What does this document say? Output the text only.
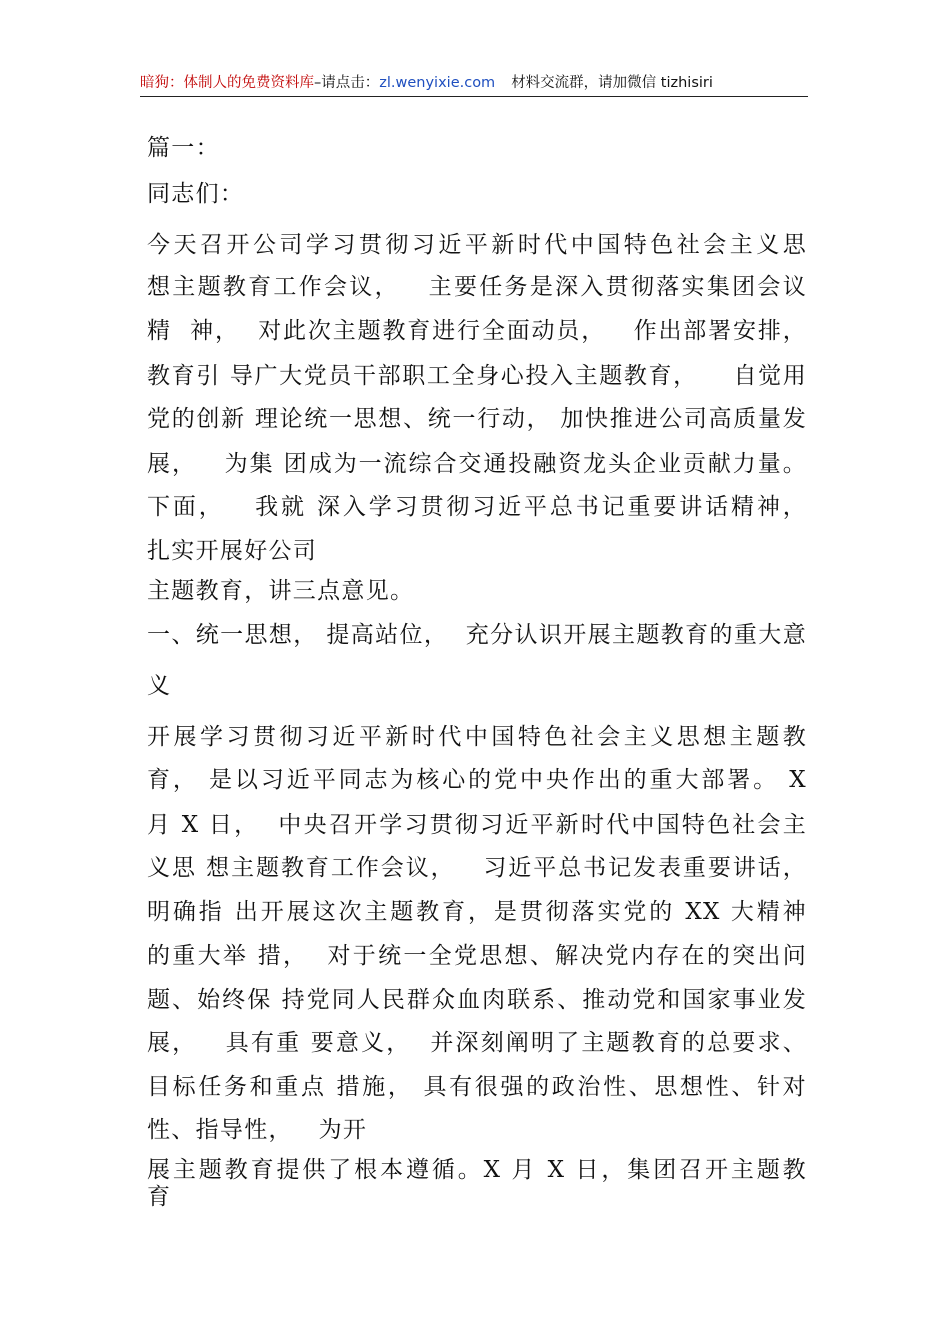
暗狗：体制人的免费资料库–请点击：zl.wenyixie.com 材料交流群，请加微信 tizhisiri

篇一：

同志们：

今天召开公司学习贯彻习近平新时代中国特色社会主义思

想主题教育工作会议，   主要任务是深入贯彻落实集团会议

精  神，  对此次主题教育进行全面动员，   作出部署安排，

教育引 导广大党员干部职工全身心投入主题教育，    自觉用

党的创新 理论统一思想、统一行动， 加快推进公司高质量发

展，   为集 团成为一流综合交通投融资龙头企业贡献力量。

下面，   我就 深入学习贯彻习近平总书记重要讲话精神，

扎实开展好公司

主题教育，讲三点意见。

一、统一思想， 提高站位，  充分认识开展主题教育的重大意

义

开展学习贯彻习近平新时代中国特色社会主义思想主题教

育， 是以习近平同志为核心的党中央作出的重大部署。 X

月 X 日，  中央召开学习贯彻习近平新时代中国特色社会主

义思 想主题教育工作会议，   习近平总书记发表重要讲话，

明确指 出开展这次主题教育，是贯彻落实党的 XX 大精神

的重大举 措，  对于统一全党思想、解决党内存在的突出问

题、始终保 持党同人民群众血肉联系、推动党和国家事业发

展，   具有重 要意义，  并深刻阐明了主题教育的总要求、

目标任务和重点 措施， 具有很强的政治性、思想性、针对

性、指导性，   为开

展主题教育提供了根本遵循。X 月 X 日，集团召开主题教

育
